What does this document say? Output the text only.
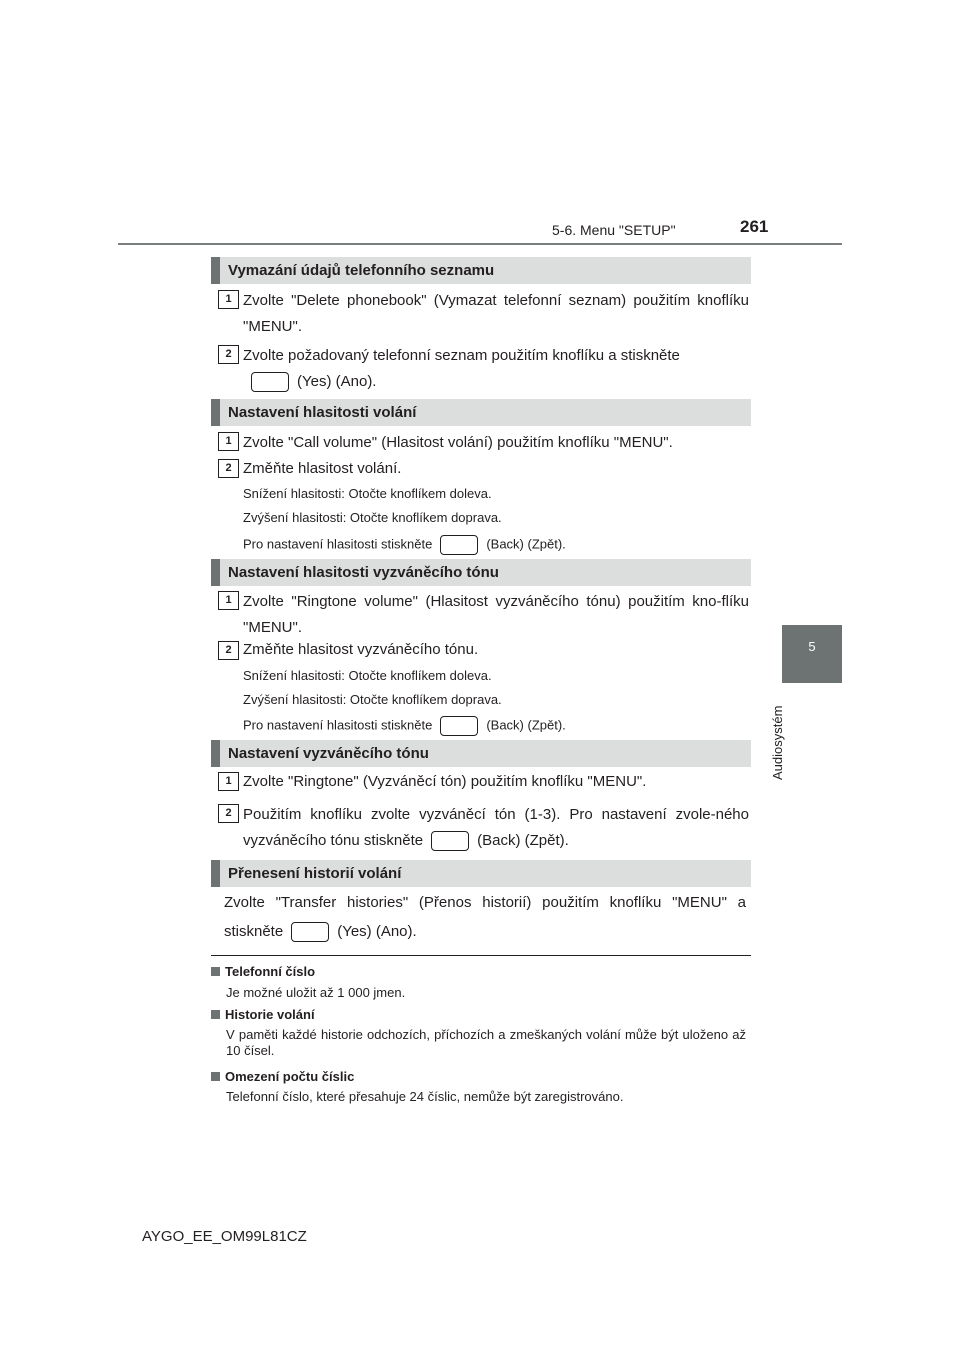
5-6. Menu "SETUP"	261
5
Audiosystém
Vymazání údajů telefonního seznamu
1 Zvolte "Delete phonebook" (Vymazat telefonní seznam) použitím knoflíku "MENU".
2 Zvolte požadovaný telefonní seznam použitím knoflíku a stiskněte
(Yes) (Ano).
Nastavení hlasitosti volání
1 Zvolte "Call volume" (Hlasitost volání) použitím knoflíku "MENU".
2 Změňte hlasitost volání.
Snížení hlasitosti: Otočte knoflíkem doleva.
Zvýšení hlasitosti: Otočte knoflíkem doprava.
Pro nastavení hlasitosti stiskněte	(Back) (Zpět).
Nastavení hlasitosti vyzváněcího tónu
1 Zvolte "Ringtone volume" (Hlasitost vyzváněcího tónu) použitím kno-flíku "MENU".
2 Změňte hlasitost vyzváněcího tónu.
Snížení hlasitosti: Otočte knoflíkem doleva.
Zvýšení hlasitosti: Otočte knoflíkem doprava.
Pro nastavení hlasitosti stiskněte	(Back) (Zpět).
Nastavení vyzváněcího tónu
1 Zvolte "Ringtone" (Vyzváněcí tón) použitím knoflíku "MENU".
2 Použitím knoflíku zvolte vyzváněcí tón (1-3). Pro nastavení zvole-ného vyzváněcího tónu stiskněte	(Back) (Zpět).
Přenesení historií volání
Zvolte "Transfer histories" (Přenos historií) použitím knoflíku "MENU" a stiskněte	(Yes) (Ano).
Telefonní číslo
Je možné uložit až 1 000 jmen.
Historie volání
V paměti každé historie odchozích, příchozích a zmeškaných volání může být uloženo až 10 čísel.
Omezení počtu číslic
Telefonní číslo, které přesahuje 24 číslic, nemůže být zaregistrováno.
AYGO_EE_OM99L81CZ
